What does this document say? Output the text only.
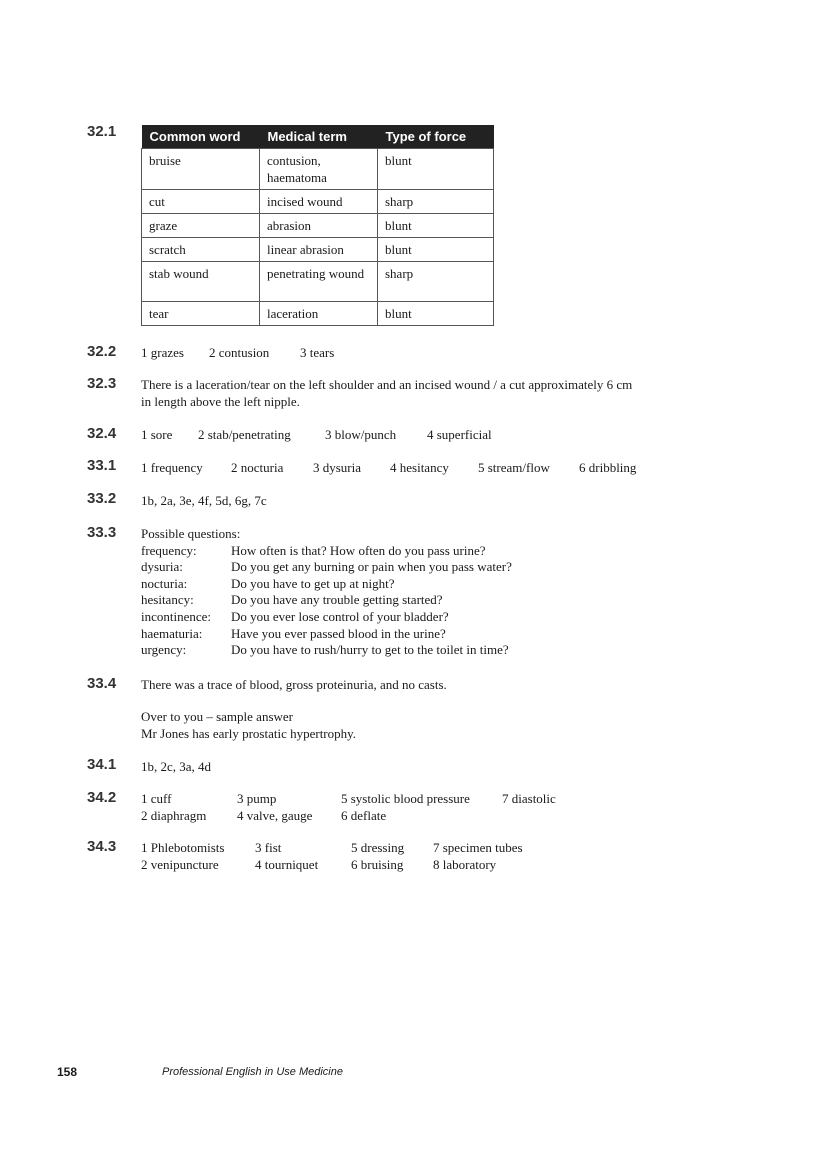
32.1	Common word	Medical term	Type of force
bruise	contusion, haematoma	blunt
cut	incised wound	sharp
graze	abrasion	blunt
scratch	linear abrasion	blunt
stab wound	penetrating wound	sharp
tear	laceration	blunt
32.2 1 grazes 2 contusion 3 tears
32.3 There is a laceration/tear on the left shoulder and an incised wound / a cut approximately 6 cm
in length above the left nipple.
32.4 1 sore 2 stab/penetrating	3 blow/punch 4 superficial
33.1 1 frequency 2 nocturia 3 dysuria 4 hesitancy 5 stream/flow 6 dribbling
33.2 1b, 2a, 3e, 4f, 5d, 6g, 7c
33.3 Possible questions:
frequency:	How often is that? How often do you pass urine?
dysuria:	Do you get any burning or pain when you pass water?
nocturia:	Do you have to get up at night?
hesitancy:	Do you have any trouble getting started?
incontinence: Do you ever lose control of your bladder?
haematuria: Have you ever passed blood in the urine?
urgency:	Do you have to rush/hurry to get to the toilet in time?
33.4 There was a trace of blood, gross proteinuria, and no casts.
Over to you – sample answer
Mr Jones has early prostatic hypertrophy.
34.1 1b, 2c, 3a, 4d
34.2 1 cuff	3 pump	5 systolic blood pressure 7 diastolic
2 diaphragm 4 valve, gauge 6 deflate
34.3 1 Phlebotomists 3 fist	5 dressing 7 specimen tubes
2 venipuncture	4 tourniquet	6 bruising 8 laboratory
158	Professional English in Use Medicine
